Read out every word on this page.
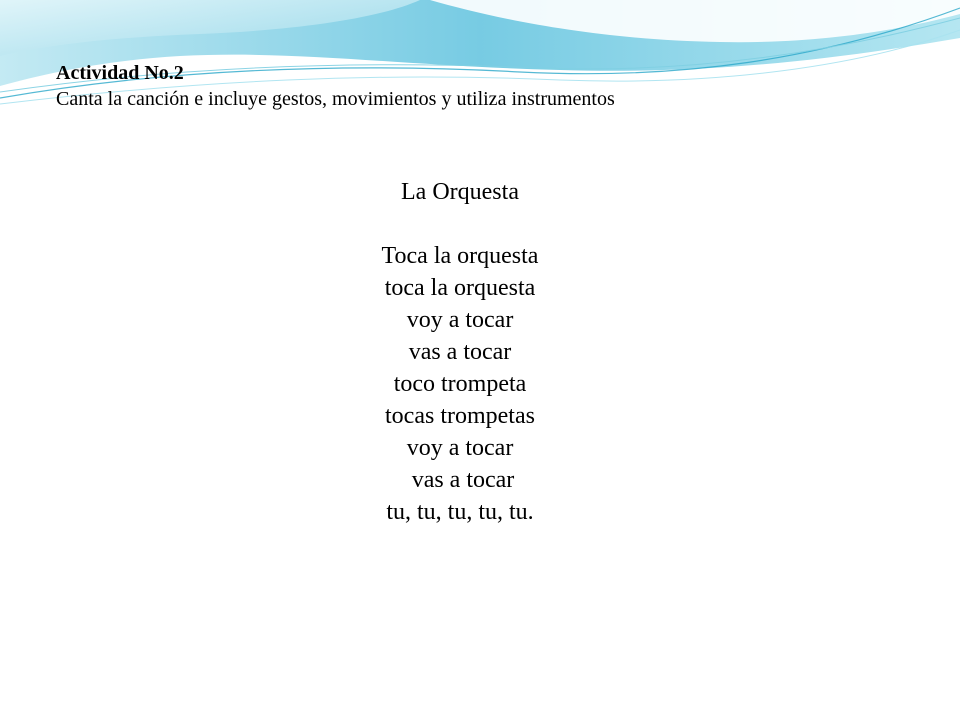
Actividad No.2
Canta la canción e incluye gestos, movimientos y utiliza instrumentos
La Orquesta
Toca la orquesta
toca la orquesta
voy a tocar
vas a tocar
toco trompeta
tocas trompetas
voy a tocar
vas a tocar
tu, tu, tu, tu, tu.
